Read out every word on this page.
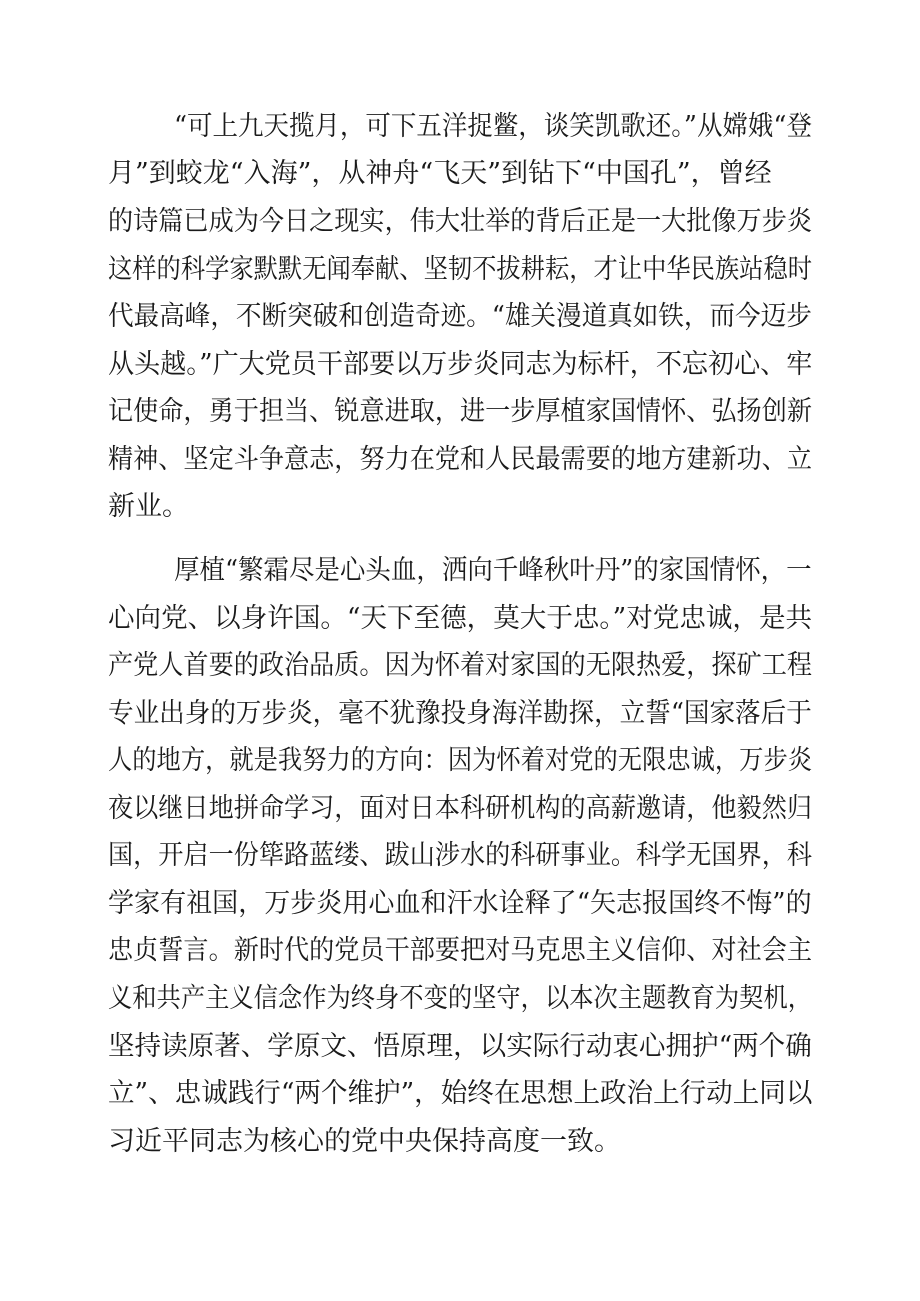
“可上九天揽月，可下五洋捉鳖，谈笑凯歌还。”从嫦娥“登
月”到蛟龙“入海”，从神舟“飞天”到钻下“中国孔”，曾经
的诗篇已成为今日之现实，伟大壮举的背后正是一大批像万步炎
这样的科学家默默无闻奉献、坚韧不拔耕耘，才让中华民族站稳时
代最高峰，不断突破和创造奇迹。“雄关漫道真如铁，而今迈步
从头越。”广大党员干部要以万步炎同志为标杆，不忘初心、牢
记使命，勇于担当、锐意进取，进一步厚植家国情怀、弘扬创新
精神、坚定斗争意志，努力在党和人民最需要的地方建新功、立
新业。
厚植“繁霜尽是心头血，洒向千峰秋叶丹”的家国情怀，一
心向党、以身许国。“天下至德，莫大于忠。”对党忠诚，是共
产党人首要的政治品质。因为怀着对家国的无限热爱，探矿工程
专业出身的万步炎，毫不犹豫投身海洋勘探，立誓“国家落后于
人的地方，就是我努力的方向：因为怀着对党的无限忠诚，万步炎
夜以继日地拼命学习，面对日本科研机构的高薪邀请，他毅然归
国，开启一份筚路蓝缕、跋山涉水的科研事业。科学无国界，科
学家有祖国，万步炎用心血和汗水诠释了“矢志报国终不悔”的
忠贞誓言。新时代的党员干部要把对马克思主义信仰、对社会主
义和共产主义信念作为终身不变的坚守，以本次主题教育为契机，
坚持读原著、学原文、悟原理，以实际行动衷心拥护“两个确
立”、忠诚践行“两个维护”，始终在思想上政治上行动上同以
习近平同志为核心的党中央保持高度一致。
